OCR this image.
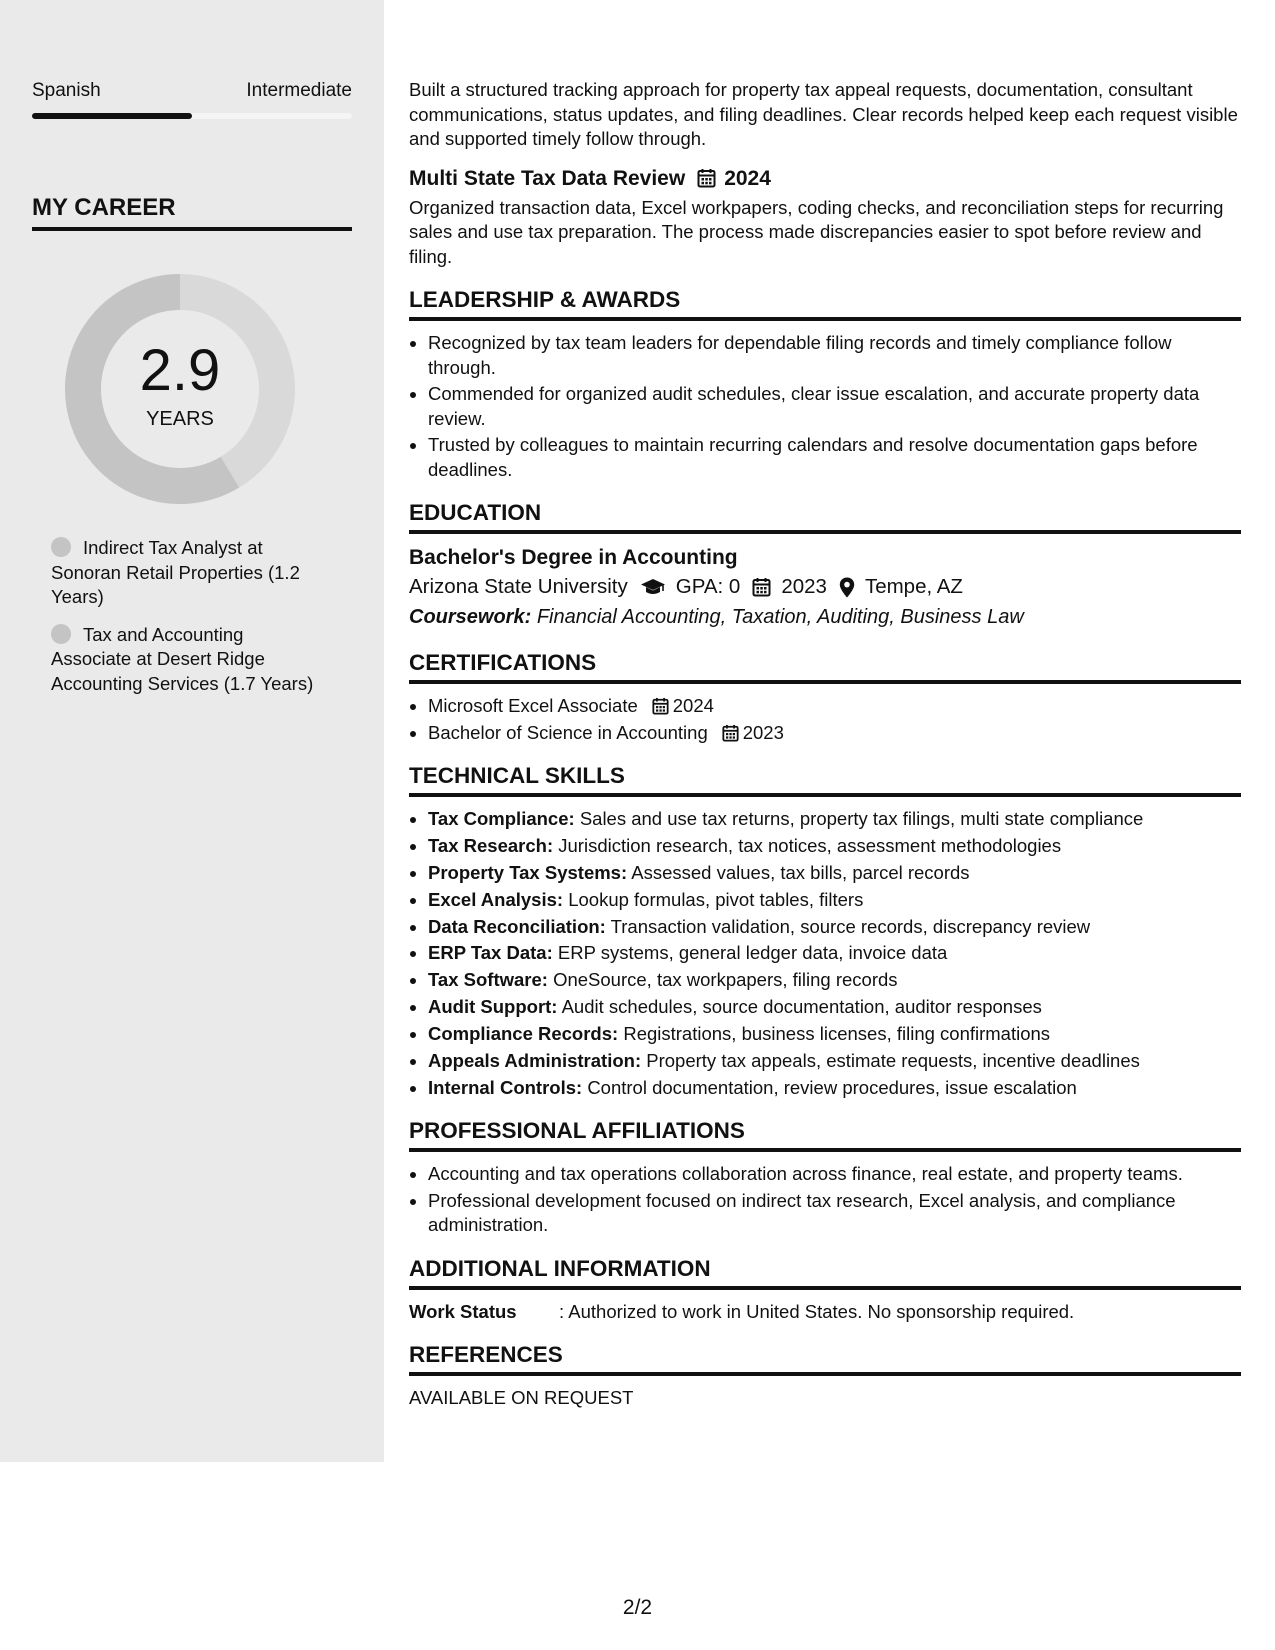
Spanish	Intermediate
MY CAREER
2.9
YEARS
Indirect Tax Analyst at Sonoran Retail Properties (1.2 Years)
Tax and Accounting Associate at Desert Ridge Accounting Services (1.7 Years)

Built a structured tracking approach for property tax appeal requests, documentation, consultant communications, status updates, and filing deadlines. Clear records helped keep each request visible and supported timely follow through.

Multi State Tax Data Review 2024

Organized transaction data, Excel workpapers, coding checks, and reconciliation steps for recurring sales and use tax preparation. The process made discrepancies easier to spot before review and filing.

LEADERSHIP & AWARDS
• Recognized by tax team leaders for dependable filing records and timely compliance follow through.
• Commended for organized audit schedules, clear issue escalation, and accurate property data review.
• Trusted by colleagues to maintain recurring calendars and resolve documentation gaps before deadlines.
EDUCATION
Bachelor's Degree in Accounting
Arizona State University GPA: 0 2023 Tempe, AZ
Coursework: Financial Accounting, Taxation, Auditing, Business Law
CERTIFICATIONS
• Microsoft Excel Associate 2024
• Bachelor of Science in Accounting 2023
TECHNICAL SKILLS
• Tax Compliance: Sales and use tax returns, property tax filings, multi state compliance
• Tax Research: Jurisdiction research, tax notices, assessment methodologies
• Property Tax Systems: Assessed values, tax bills, parcel records
• Excel Analysis: Lookup formulas, pivot tables, filters
• Data Reconciliation: Transaction validation, source records, discrepancy review
• ERP Tax Data: ERP systems, general ledger data, invoice data
• Tax Software: OneSource, tax workpapers, filing records
• Audit Support: Audit schedules, source documentation, auditor responses
• Compliance Records: Registrations, business licenses, filing confirmations
• Appeals Administration: Property tax appeals, estimate requests, incentive deadlines
• Internal Controls: Control documentation, review procedures, issue escalation
PROFESSIONAL AFFILIATIONS
• Accounting and tax operations collaboration across finance, real estate, and property teams.
• Professional development focused on indirect tax research, Excel analysis, and compliance administration.
ADDITIONAL INFORMATION
Work Status	: Authorized to work in United States. No sponsorship required.
REFERENCES
AVAILABLE ON REQUEST
2/2
